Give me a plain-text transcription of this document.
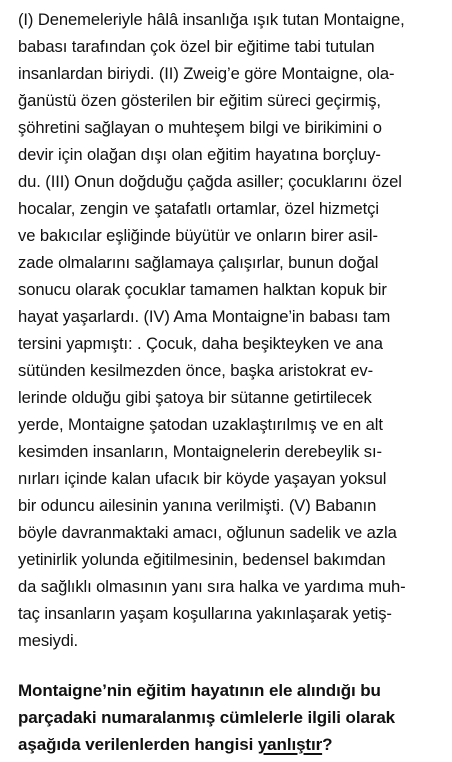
(I) Denemeleriyle hâlâ insanlığa ışık tutan Montaigne,
babası tarafından çok özel bir eğitime tabi tutulan
insanlardan biriydi. (II) Zweig’e göre Montaigne, ola-
ğanüstü özen gösterilen bir eğitim süreci geçirmiş,
şöhretini sağlayan o muhteşem bilgi ve birikimini o
devir için olağan dışı olan eğitim hayatına borçluy-
du. (III) Onun doğduğu çağda asiller; çocuklarını özel
hocalar, zengin ve şatafatlı ortamlar, özel hizmetçi
ve bakıcılar eşliğinde büyütür ve onların birer asil-
zade olmalarını sağlamaya çalışırlar, bunun doğal
sonucu olarak çocuklar tamamen halktan kopuk bir
hayat yaşarlardı. (IV) Ama Montaigne’in babası tam
tersini yapmıştı: . Çocuk, daha beşikteyken ve ana
sütünden kesilmezden önce, başka aristokrat ev-
lerinde olduğu gibi şatoya bir sütanne getirtilecek
yerde, Montaigne şatodan uzaklaştırılmış ve en alt
kesimden insanların, Montaignelerin derebeylik sı-
nırları içinde kalan ufacık bir köyde yaşayan yoksul
bir oduncu ailesinin yanına verilmişti. (V) Babanın
böyle davranmaktaki amacı, oğlunun sadelik ve azla
yetinirlik yolunda eğitilmesinin, bedensel bakımdan
da sağlıklı olmasının yanı sıra halka ve yardıma muh-
taç insanların yaşam koşullarına yakınlaşarak yetiş-
mesiydi.
Montaigne’nin eğitim hayatının ele alındığı bu
parçadaki numaralanmış cümlelerle ilgili olarak
aşağıda verilenlerden hangisi yanlıştır?
